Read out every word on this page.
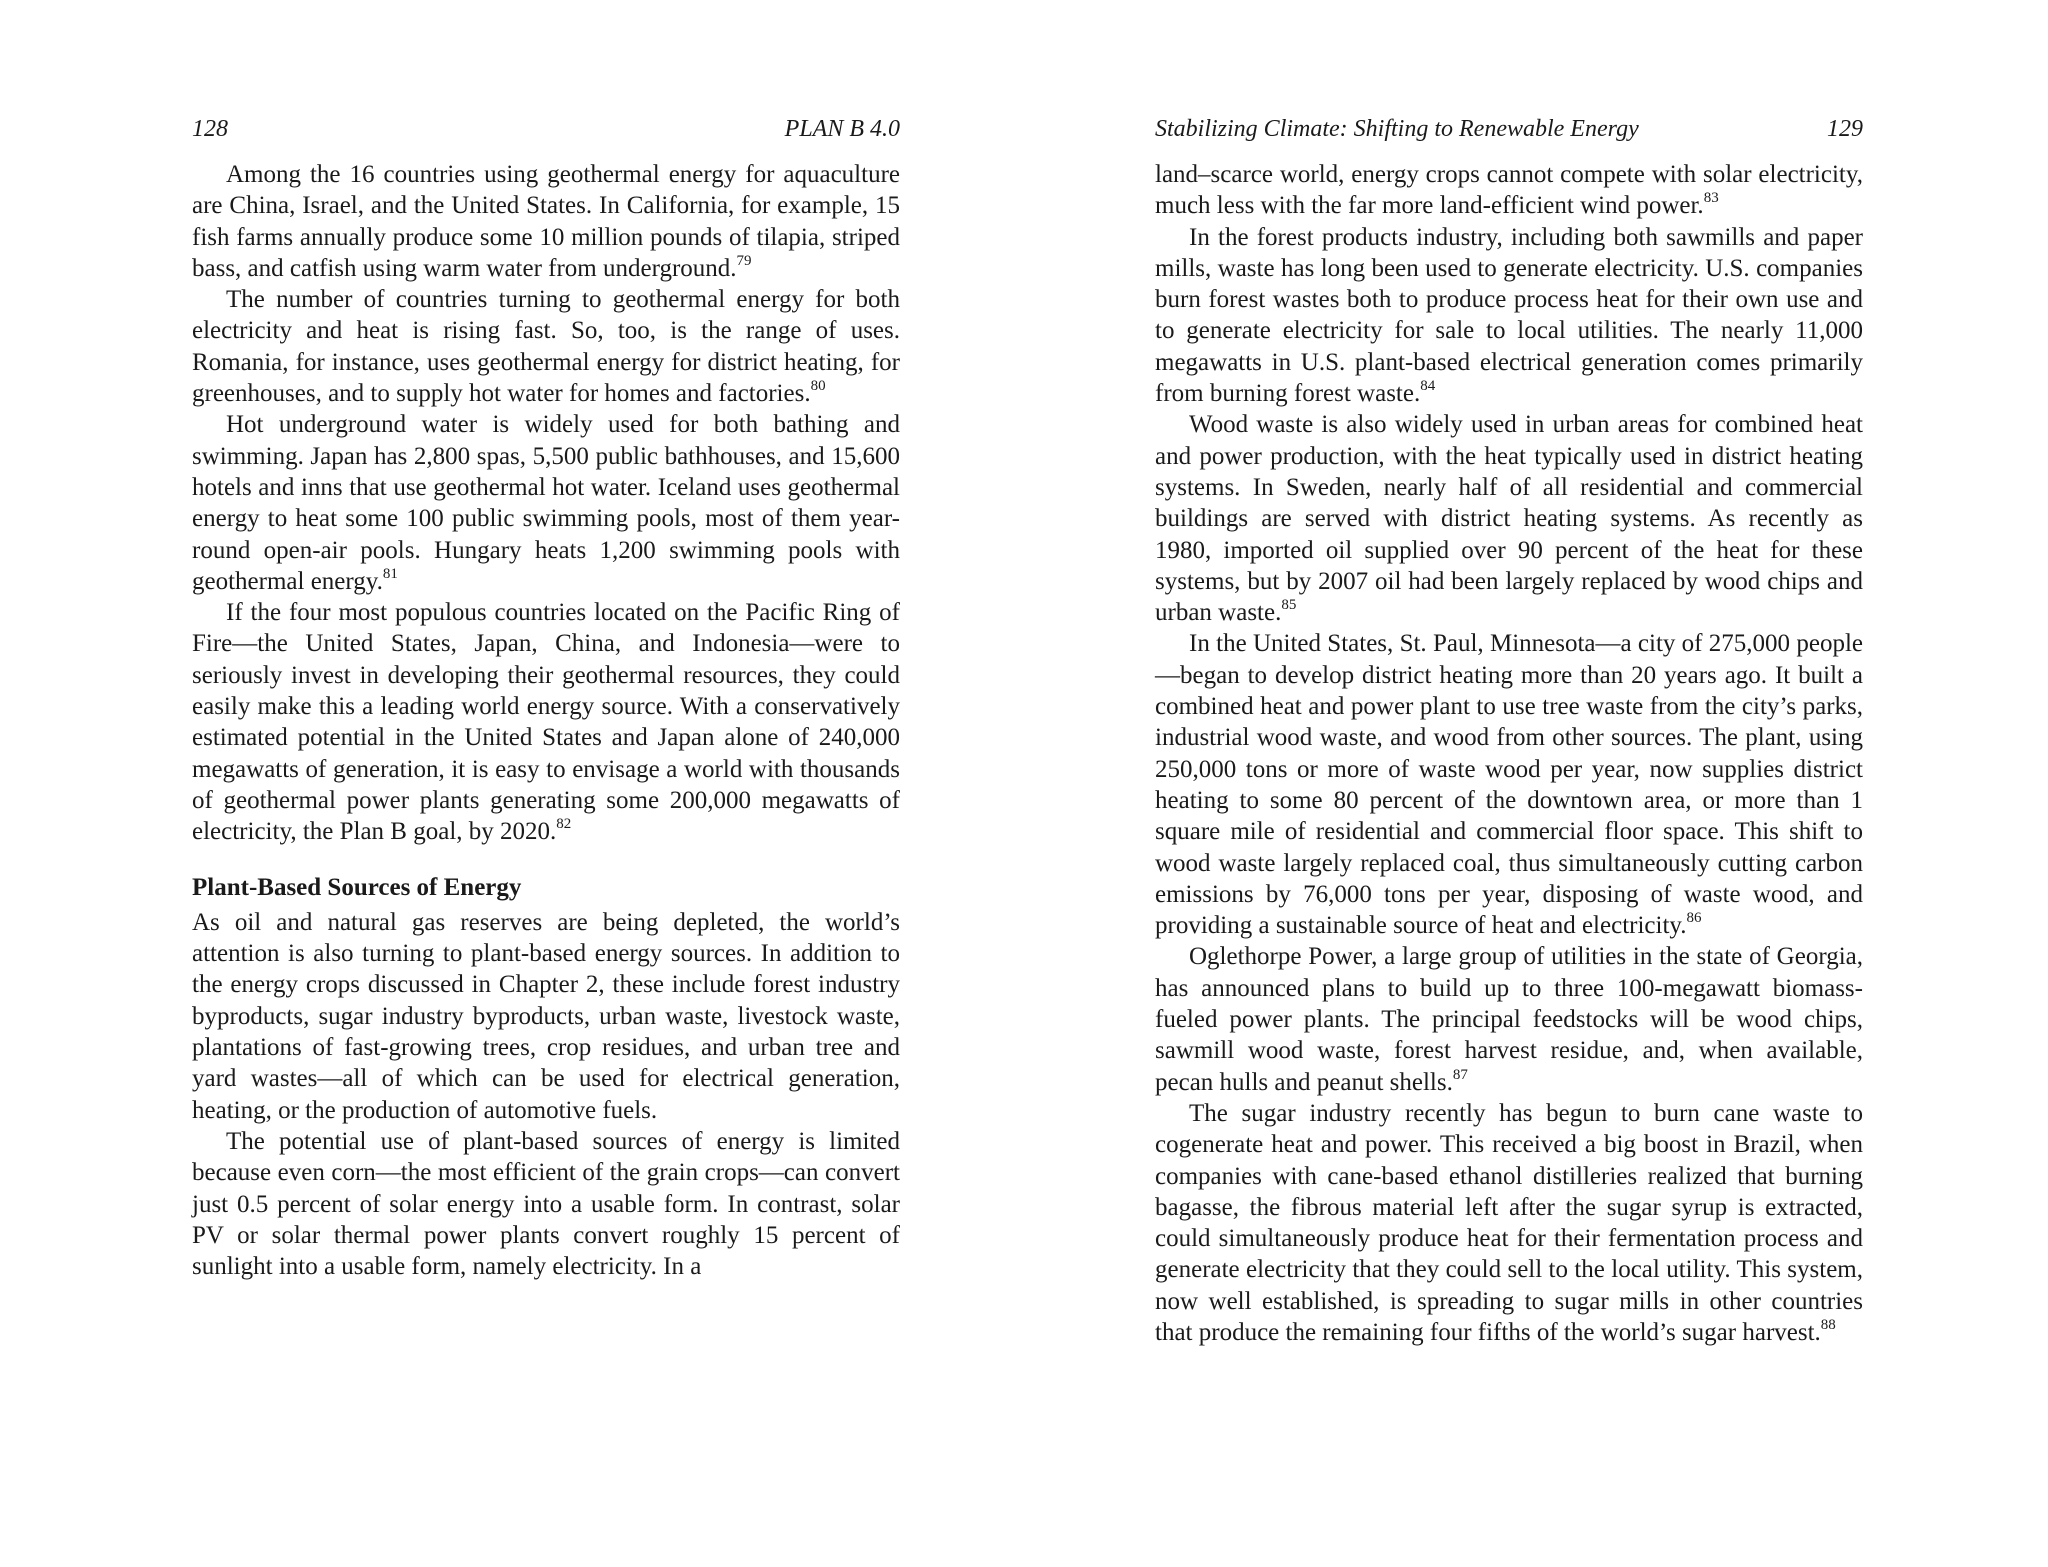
128	PLAN B 4.0

Among the 16 countries using geothermal energy for aquaculture are China, Israel, and the United States. In California, for example, 15 fish farms annually produce some 10 million pounds of tilapia, striped bass, and catfish using warm water from underground.$^{79}$

The number of countries turning to geothermal energy for both electricity and heat is rising fast. So, too, is the range of uses. Romania, for instance, uses geothermal energy for district heating, for greenhouses, and to supply hot water for homes and factories.$^{80}$

Hot underground water is widely used for both bathing and swimming. Japan has 2,800 spas, 5,500 public bathhouses, and 15,600 hotels and inns that use geothermal hot water. Iceland uses geothermal energy to heat some 100 public swimming pools, most of them year-round open-air pools. Hungary heats 1,200 swimming pools with geothermal energy.$^{81}$

If the four most populous countries located on the Pacific Ring of Fire—the United States, Japan, China, and Indonesia—were to seriously invest in developing their geothermal resources, they could easily make this a leading world energy source. With a conservatively estimated potential in the United States and Japan alone of 240,000 megawatts of generation, it is easy to envisage a world with thousands of geothermal power plants generating some 200,000 megawatts of electricity, the Plan B goal, by 2020.82

Plant-Based Sources of Energy

As oil and natural gas reserves are being depleted, the world’s attention is also turning to plant-based energy sources. In addition to the energy crops discussed in Chapter 2, these include forest industry byproducts, sugar industry byproducts, urban waste, livestock waste, plantations of fast-growing trees, crop residues, and urban tree and yard wastes—all of which can be used for electrical generation, heating, or the production of automotive fuels.

The potential use of plant-based sources of energy is limited because even corn—the most efficient of the grain crops—can convert just 0.5 percent of solar energy into a usable form. In contrast, solar PV or solar thermal power plants convert roughly 15 percent of sunlight into a usable form, namely electricity. In a

Stabilizing Climate: Shifting to Renewable Energy	129

land–scarce world, energy crops cannot compete with solar electricity, much less with the far more land-efficient wind power.$^{83}$

In the forest products industry, including both sawmills and paper mills, waste has long been used to generate electricity. U.S. companies burn forest wastes both to produce process heat for their own use and to generate electricity for sale to local utilities. The nearly 11,000 megawatts in U.S. plant-based electrical generation comes primarily from burning forest waste.$^{84}$

Wood waste is also widely used in urban areas for combined heat and power production, with the heat typically used in district heating systems. In Sweden, nearly half of all residential and commercial buildings are served with district heating systems. As recently as 1980, imported oil supplied over 90 percent of the heat for these systems, but by 2007 oil had been largely replaced by wood chips and urban waste.$^{85}$

In the United States, St. Paul, Minnesota—a city of 275,000 people—began to develop district heating more than 20 years ago. It built a combined heat and power plant to use tree waste from the city’s parks, industrial wood waste, and wood from other sources. The plant, using 250,000 tons or more of waste wood per year, now supplies district heating to some 80 percent of the downtown area, or more than 1 square mile of residential and commercial floor space. This shift to wood waste largely replaced coal, thus simultaneously cutting carbon emissions by 76,000 tons per year, disposing of waste wood, and providing a sustainable source of heat and electricity.$^{86}$

Oglethorpe Power, a large group of utilities in the state of Georgia, has announced plans to build up to three 100-megawatt biomass-fueled power plants. The principal feedstocks will be wood chips, sawmill wood waste, forest harvest residue, and, when available, pecan hulls and peanut shells.$^{87}$

The sugar industry recently has begun to burn cane waste to cogenerate heat and power. This received a big boost in Brazil, when companies with cane-based ethanol distilleries realized that burning bagasse, the fibrous material left after the sugar syrup is extracted, could simultaneously produce heat for their fermentation process and generate electricity that they could sell to the local utility. This system, now well established, is spreading to sugar mills in other countries that produce the remaining four fifths of the world’s sugar harvest.$^{88}$
